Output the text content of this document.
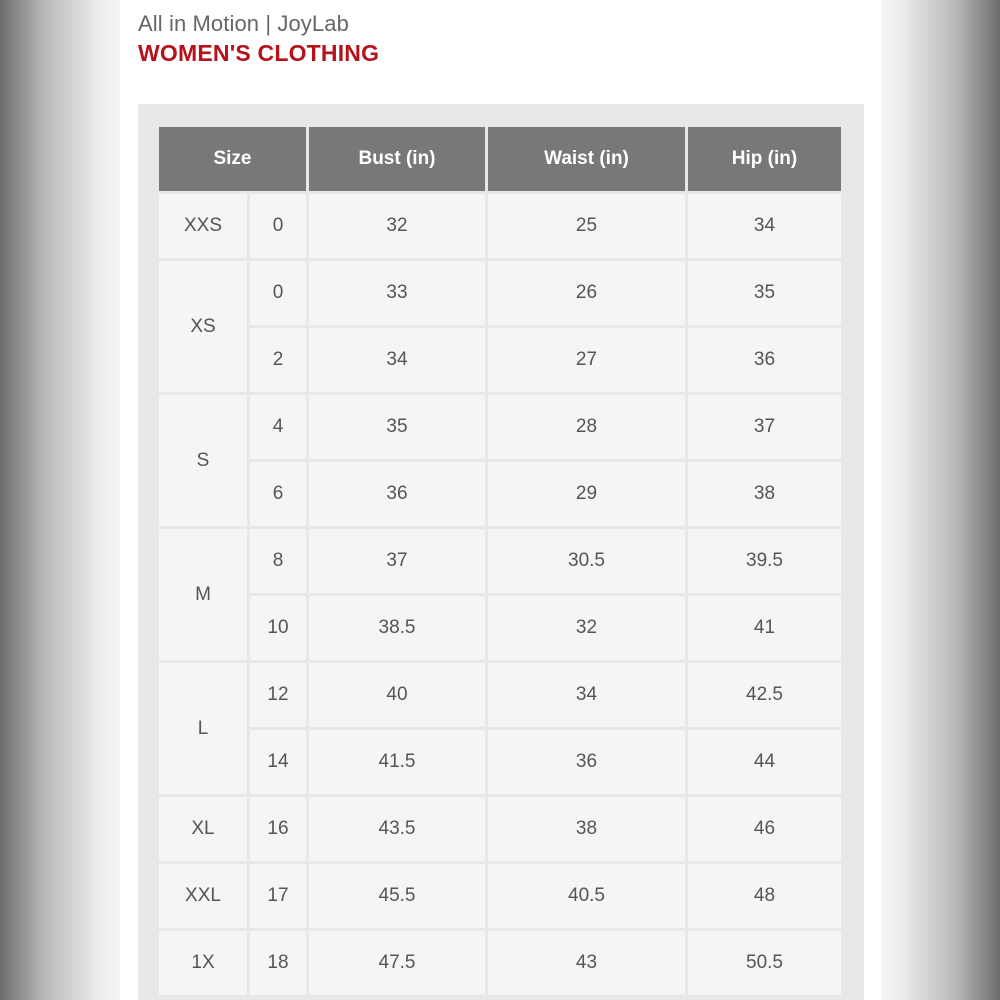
All in Motion | JoyLab
WOMEN'S CLOTHING
Size		Bust (in)	Waist (in)	Hip (in)
XXS	0	32	25	34
XS	0	33	26	35
	2	34	27	36
S	4	35	28	37
	6	36	29	38
M	8	37	30.5	39.5
	10	38.5	32	41
L	12	40	34	42.5
	14	41.5	36	44
XL	16	43.5	38	46
XXL	17	45.5	40.5	48
1X	18	47.5	43	50.5
